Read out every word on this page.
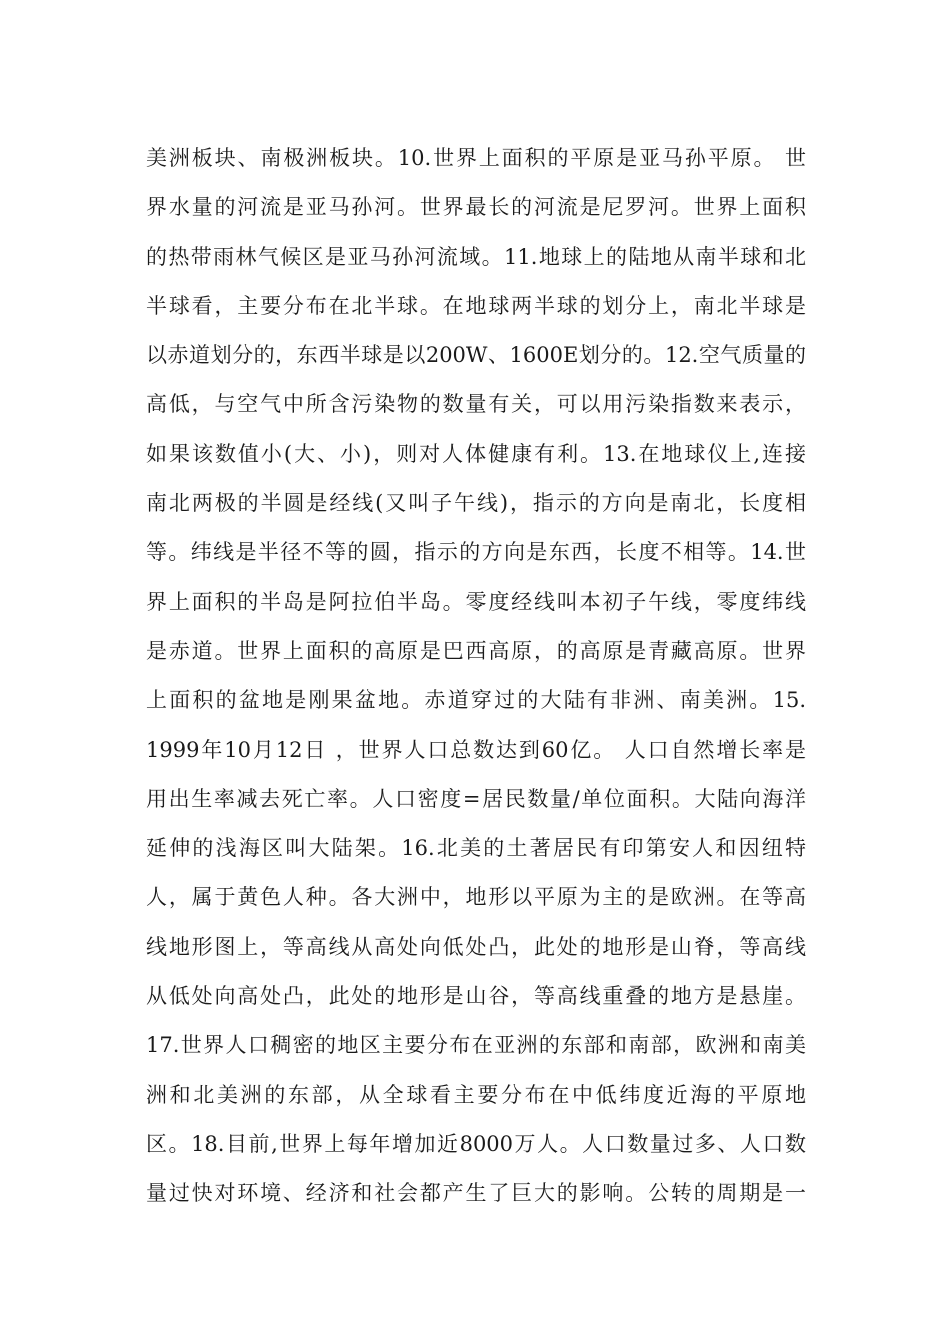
美洲板块、南极洲板块。10.世界上面积的平原是亚马孙平原。 世
界水量的河流是亚马孙河。世界最长的河流是尼罗河。世界上面积
的热带雨林气候区是亚马孙河流域。11.地球上的陆地从南半球和北
半球看，主要分布在北半球。在地球两半球的划分上，南北半球是
以赤道划分的，东西半球是以200W、1600E划分的。12.空气质量的
高低，与空气中所含污染物的数量有关，可以用污染指数来表示，
如果该数值小(大、小)，则对人体健康有利。13.在地球仪上,连接
南北两极的半圆是经线(又叫子午线)，指示的方向是南北，长度相
等。纬线是半径不等的圆，指示的方向是东西，长度不相等。14.世
界上面积的半岛是阿拉伯半岛。零度经线叫本初子午线，零度纬线
是赤道。世界上面积的高原是巴西高原，的高原是青藏高原。世界
上面积的盆地是刚果盆地。赤道穿过的大陆有非洲、南美洲。15.
1999年10月12日 ，世界人口总数达到60亿。 人口自然增长率是
用出生率减去死亡率。人口密度=居民数量/单位面积。大陆向海洋
延伸的浅海区叫大陆架。16.北美的土著居民有印第安人和因纽特
人，属于黄色人种。各大洲中，地形以平原为主的是欧洲。在等高
线地形图上，等高线从高处向低处凸，此处的地形是山脊，等高线
从低处向高处凸，此处的地形是山谷，等高线重叠的地方是悬崖。
17.世界人口稠密的地区主要分布在亚洲的东部和南部，欧洲和南美
洲和北美洲的东部，从全球看主要分布在中低纬度近海的平原地
区。18.目前,世界上每年增加近8000万人。人口数量过多、人口数
量过快对环境、经济和社会都产生了巨大的影响。公转的周期是一
